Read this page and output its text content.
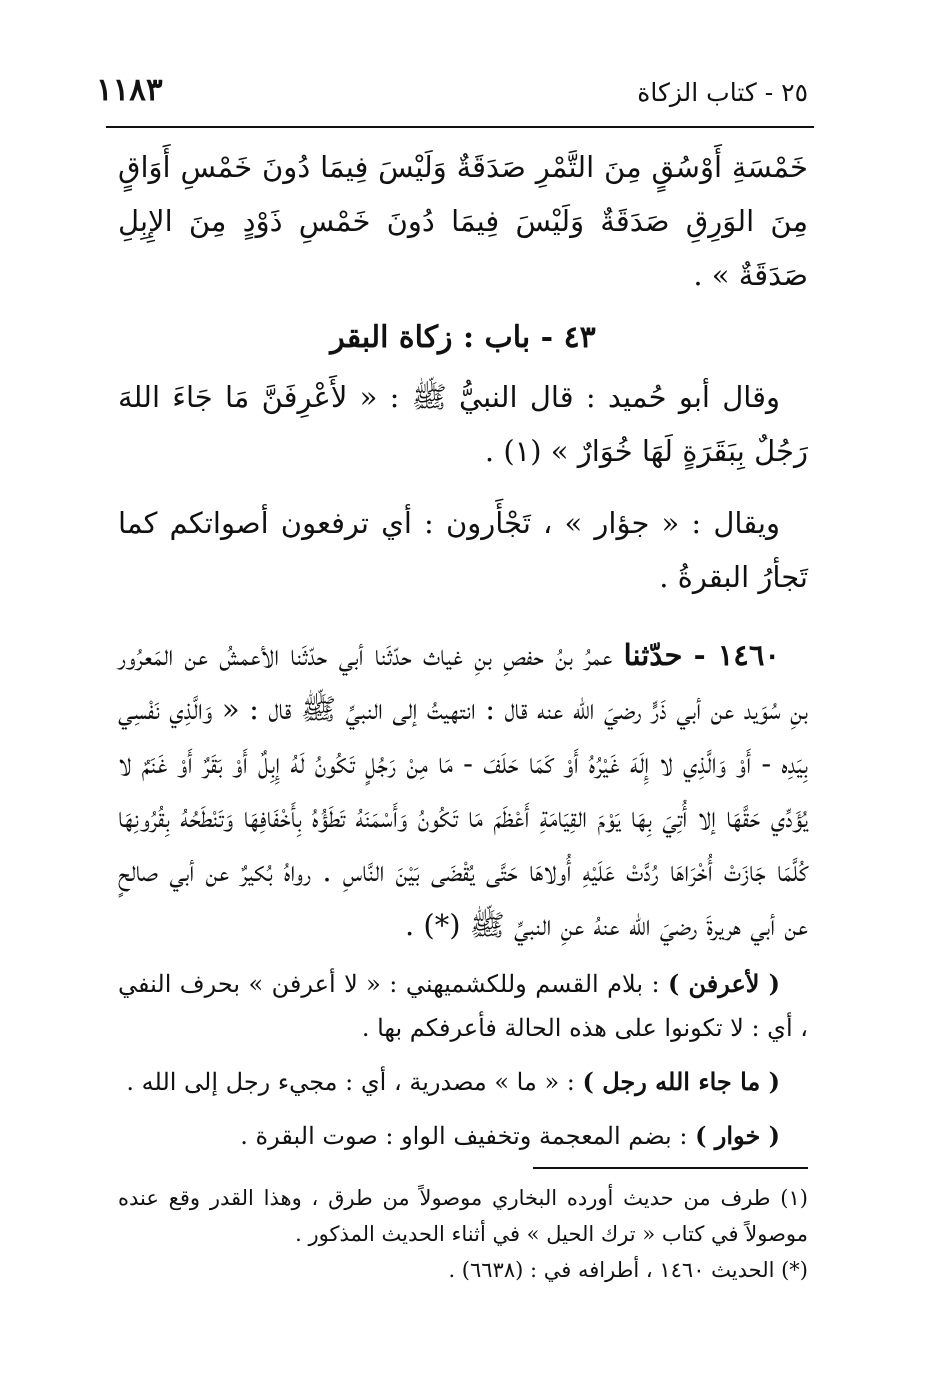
٢٥ - كتاب الزكاة
١١٨٣

خَمْسَةِ أَوْسُقٍ مِنَ التَّمْرِ صَدَقَةٌ وَلَيْسَ فِيمَا دُونَ خَمْسِ أَوَاقٍ مِنَ الوَرِقِ صَدَقَةٌ وَلَيْسَ فِيمَا دُونَ خَمْسِ ذَوْدٍ مِنَ الإِبِلِ صَدَقَةٌ » .

٤٣ - باب : زكاة البقر

وقال أبو حُميد : قال النبيُّ ﷺ : « لأَعْرِفَنَّ مَا جَاءَ اللهَ رَجُلٌ بِبَقَرَةٍ لَهَا خُوَارٌ » (١) .

ويقال : « جؤار » ، تَجْأَرون : أي ترفعون أصواتكم كما تَجأرُ البقرةُ .

١٤٦٠ - حدّثنا عمرُ بنُ حفصِ بنِ غياث حدّثَنا أبي حدّثَنا الأعمشُ عن المَعرُور بنِ سُوَيد عن أبي ذَرٍّ رضيَ الله عنه قال : انتهيتُ إلى النبيِّ ﷺ قال : « وَالَّذِي نَفْسِي بِيَدِه - أَوْ وَالَّذِي لا إِلَهَ غَيْرُهُ أَوْ كَمَا حَلَفَ - مَا مِنْ رَجُلٍ تَكُونُ لَهُ إِبِلٌ أَوْ بَقَرٌ أَوْ غَنَمٌ لا يُؤَدِّي حَقَّهَا إلا أُتِيَ بِهَا يَوْمَ القِيَامَةِ أَعْظَمَ مَا تَكُونُ وَأَسْمَنَهُ تَطَؤُهُ بِأَخْفَافِهَا وَتَنْطَحُهُ بِقُرُونِهَا كُلَّمَا جَازَتْ أُخْرَاهَا رُدَّتْ عَلَيْهِ أُولاهَا حَتَّى يُقْضَى بَيْنَ النَّاسِ . رواهُ بُكيرٌ عن أبي صالحٍ عن أبي هريرةَ رضيَ الله عنهُ عنِ النبيِّ ﷺ (*) .

( لأعرفن ) : بلام القسم وللكشميهني : « لا أعرفن » بحرف النفي ، أي : لا تكونوا على هذه الحالة فأعرفكم بها .

( ما جاء الله رجل ) : « ما » مصدرية ، أي : مجيء رجل إلى الله .

( خوار ) : بضم المعجمة وتخفيف الواو : صوت البقرة .

(١) طرف من حديث أورده البخاري موصولاً من طرق ، وهذا القدر وقع عنده موصولاً في كتاب « ترك الحيل » في أثناء الحديث المذكور .

(*) الحديث ١٤٦٠ ، أطرافه في : (٦٦٣٨) .
